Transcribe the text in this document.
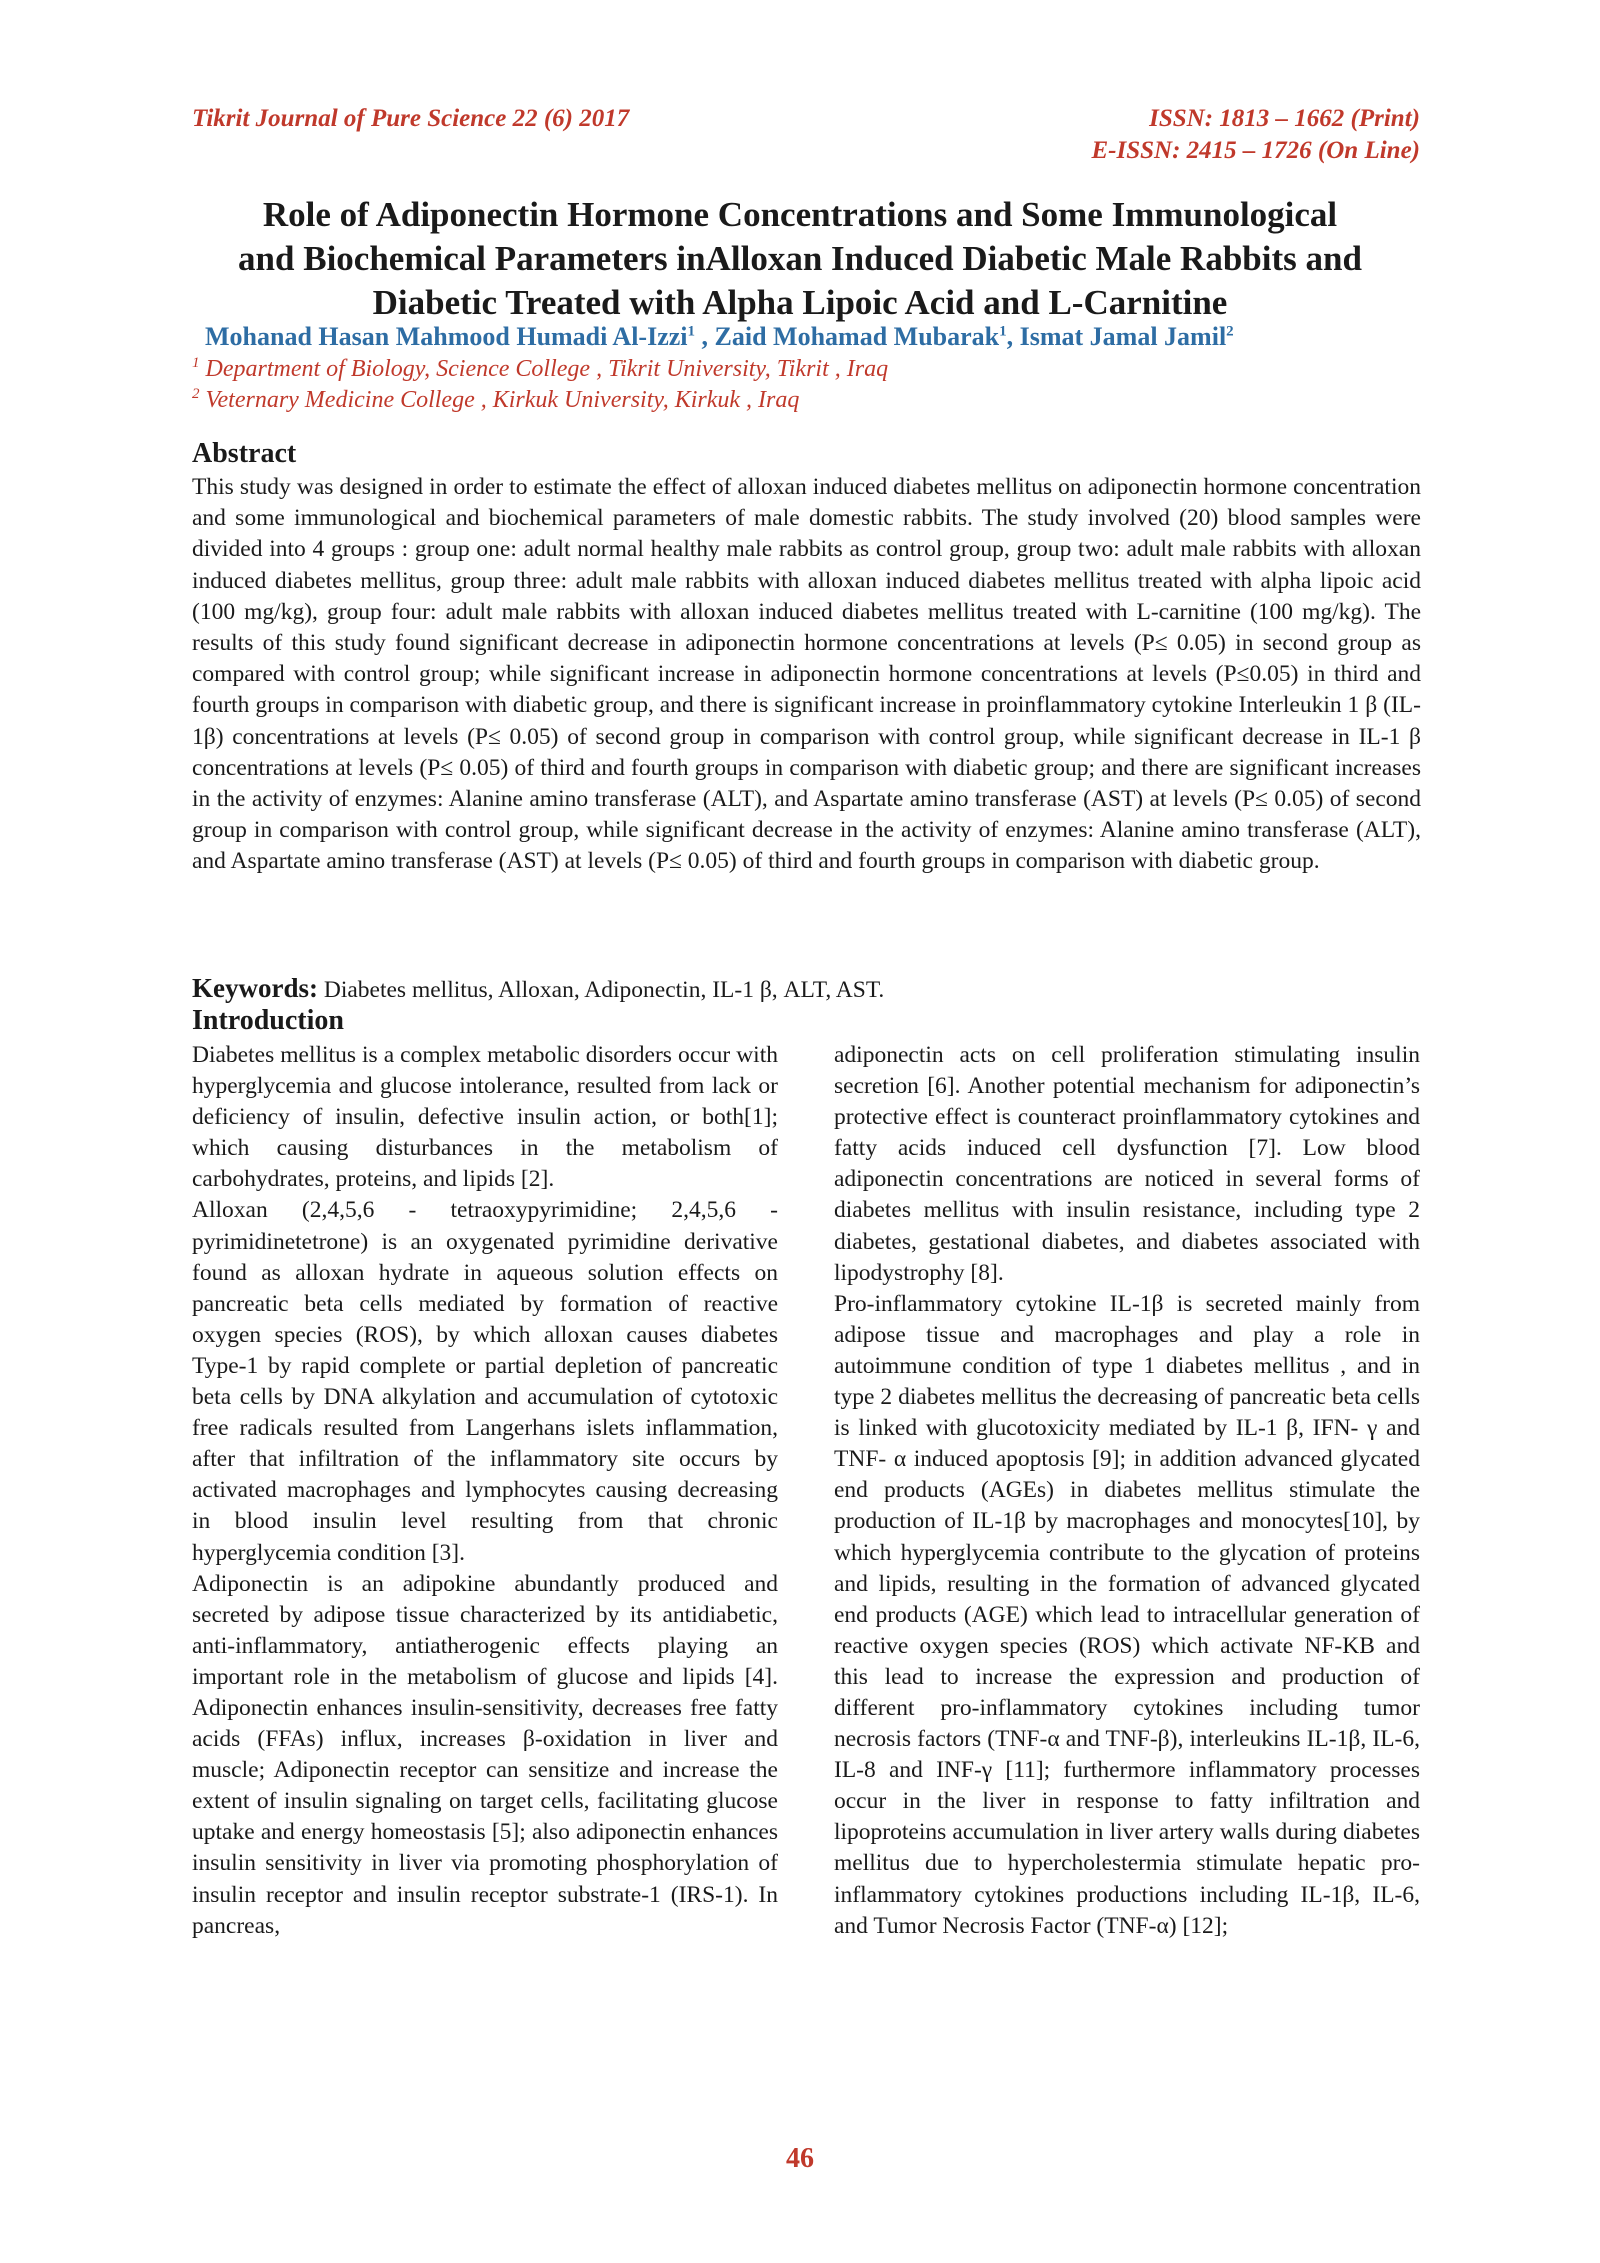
Tikrit Journal of Pure Science 22 (6) 2017	ISSN: 1813 – 1662 (Print)
E-ISSN: 2415 – 1726 (On Line)
Role of Adiponectin Hormone Concentrations and Some Immunological
and Biochemical Parameters inAlloxan Induced Diabetic Male Rabbits and
Diabetic Treated with Alpha Lipoic Acid and L-Carnitine
Mohanad Hasan Mahmood Humadi Al-Izzi$^1$ , Zaid Mohamad Mubarak$^1$, Ismat Jamal Jamil$^2$
$^1$ Department of Biology, Science College , Tikrit University, Tikrit , Iraq
$^2$ Veternary Medicine College , Kirkuk University, Kirkuk , Iraq
Abstract
This study was designed in order to estimate the effect of alloxan induced diabetes mellitus on adiponectin hormone concentration and some immunological and biochemical parameters of male domestic rabbits. The study involved (20) blood samples were divided into 4 groups : group one: adult normal healthy male rabbits as control group, group two: adult male rabbits with alloxan induced diabetes mellitus, group three: adult male rabbits with alloxan induced diabetes mellitus treated with alpha lipoic acid (100 mg/kg), group four: adult male rabbits with alloxan induced diabetes mellitus treated with L-carnitine (100 mg/kg). The results of this study found significant decrease in adiponectin hormone concentrations at levels (P≤ 0.05) in second group as compared with control group; while significant increase in adiponectin hormone concentrations at levels (P≤0.05) in third and fourth groups in comparison with diabetic group, and there is significant increase in proinflammatory cytokine Interleukin 1 β (IL-1β) concentrations at levels (P≤ 0.05) of second group in comparison with control group, while significant decrease in IL-1 β concentrations at levels (P≤ 0.05) of third and fourth groups in comparison with diabetic group; and there are significant increases in the activity of enzymes: Alanine amino transferase (ALT), and Aspartate amino transferase (AST) at levels (P≤ 0.05) of second group in comparison with control group, while significant decrease in the activity of enzymes: Alanine amino transferase (ALT), and Aspartate amino transferase (AST) at levels (P≤ 0.05) of third and fourth groups in comparison with diabetic group.
Keywords: Diabetes mellitus, Alloxan, Adiponectin, IL-1 β, ALT, AST.
Introduction

Diabetes mellitus is a complex metabolic disorders occur with hyperglycemia and glucose intolerance, resulted from lack or deficiency of insulin, defective insulin action, or both[1]; which causing disturbances in the metabolism of carbohydrates, proteins, and lipids [2].

Alloxan (2,4,5,6 - tetraoxypyrimidine; 2,4,5,6 - pyrimidinetetrone) is an oxygenated pyrimidine derivative found as alloxan hydrate in aqueous solution effects on pancreatic beta cells mediated by formation of reactive oxygen species (ROS), by which alloxan causes diabetes Type-1 by rapid complete or partial depletion of pancreatic beta cells by DNA alkylation and accumulation of cytotoxic free radicals resulted from Langerhans islets inflammation, after that infiltration of the inflammatory site occurs by activated macrophages and lymphocytes causing decreasing in blood insulin level resulting from that chronic hyperglycemia condition [3].

Adiponectin is an adipokine abundantly produced and secreted by adipose tissue characterized by its antidiabetic, anti-inflammatory, antiatherogenic effects playing an important role in the metabolism of glucose and lipids [4]. Adiponectin enhances insulin-sensitivity, decreases free fatty acids (FFAs) influx, increases β-oxidation in liver and muscle; Adiponectin receptor can sensitize and increase the extent of insulin signaling on target cells, facilitating glucose uptake and energy homeostasis [5]; also adiponectin enhances insulin sensitivity in liver via promoting phosphorylation of insulin receptor and insulin receptor substrate-1 (IRS-1). In pancreas,

adiponectin acts on cell proliferation stimulating insulin secretion [6]. Another potential mechanism for adiponectin’s protective effect is counteract proinflammatory cytokines and fatty acids induced cell dysfunction [7]. Low blood adiponectin concentrations are noticed in several forms of diabetes mellitus with insulin resistance, including type 2 diabetes, gestational diabetes, and diabetes associated with lipodystrophy [8].

Pro-inflammatory cytokine IL-1β is secreted mainly from adipose tissue and macrophages and play a role in autoimmune condition of type 1 diabetes mellitus , and in type 2 diabetes mellitus the decreasing of pancreatic beta cells is linked with glucotoxicity mediated by IL-1 β, IFN- γ and TNF- α induced apoptosis [9]; in addition advanced glycated end products (AGEs) in diabetes mellitus stimulate the production of IL-1β by macrophages and monocytes[10], by which hyperglycemia contribute to the glycation of proteins and lipids, resulting in the formation of advanced glycated end products (AGE) which lead to intracellular generation of reactive oxygen species (ROS) which activate NF-KB and this lead to increase the expression and production of different pro-inflammatory cytokines including tumor necrosis factors (TNF-α and TNF-β), interleukins IL-1β, IL-6, IL-8 and INF-γ [11]; furthermore inflammatory processes occur in the liver in response to fatty infiltration and lipoproteins accumulation in liver artery walls during diabetes mellitus due to hypercholestermia stimulate hepatic pro-inflammatory cytokines productions including IL-1β, IL-6, and Tumor Necrosis Factor (TNF-α) [12];

46
